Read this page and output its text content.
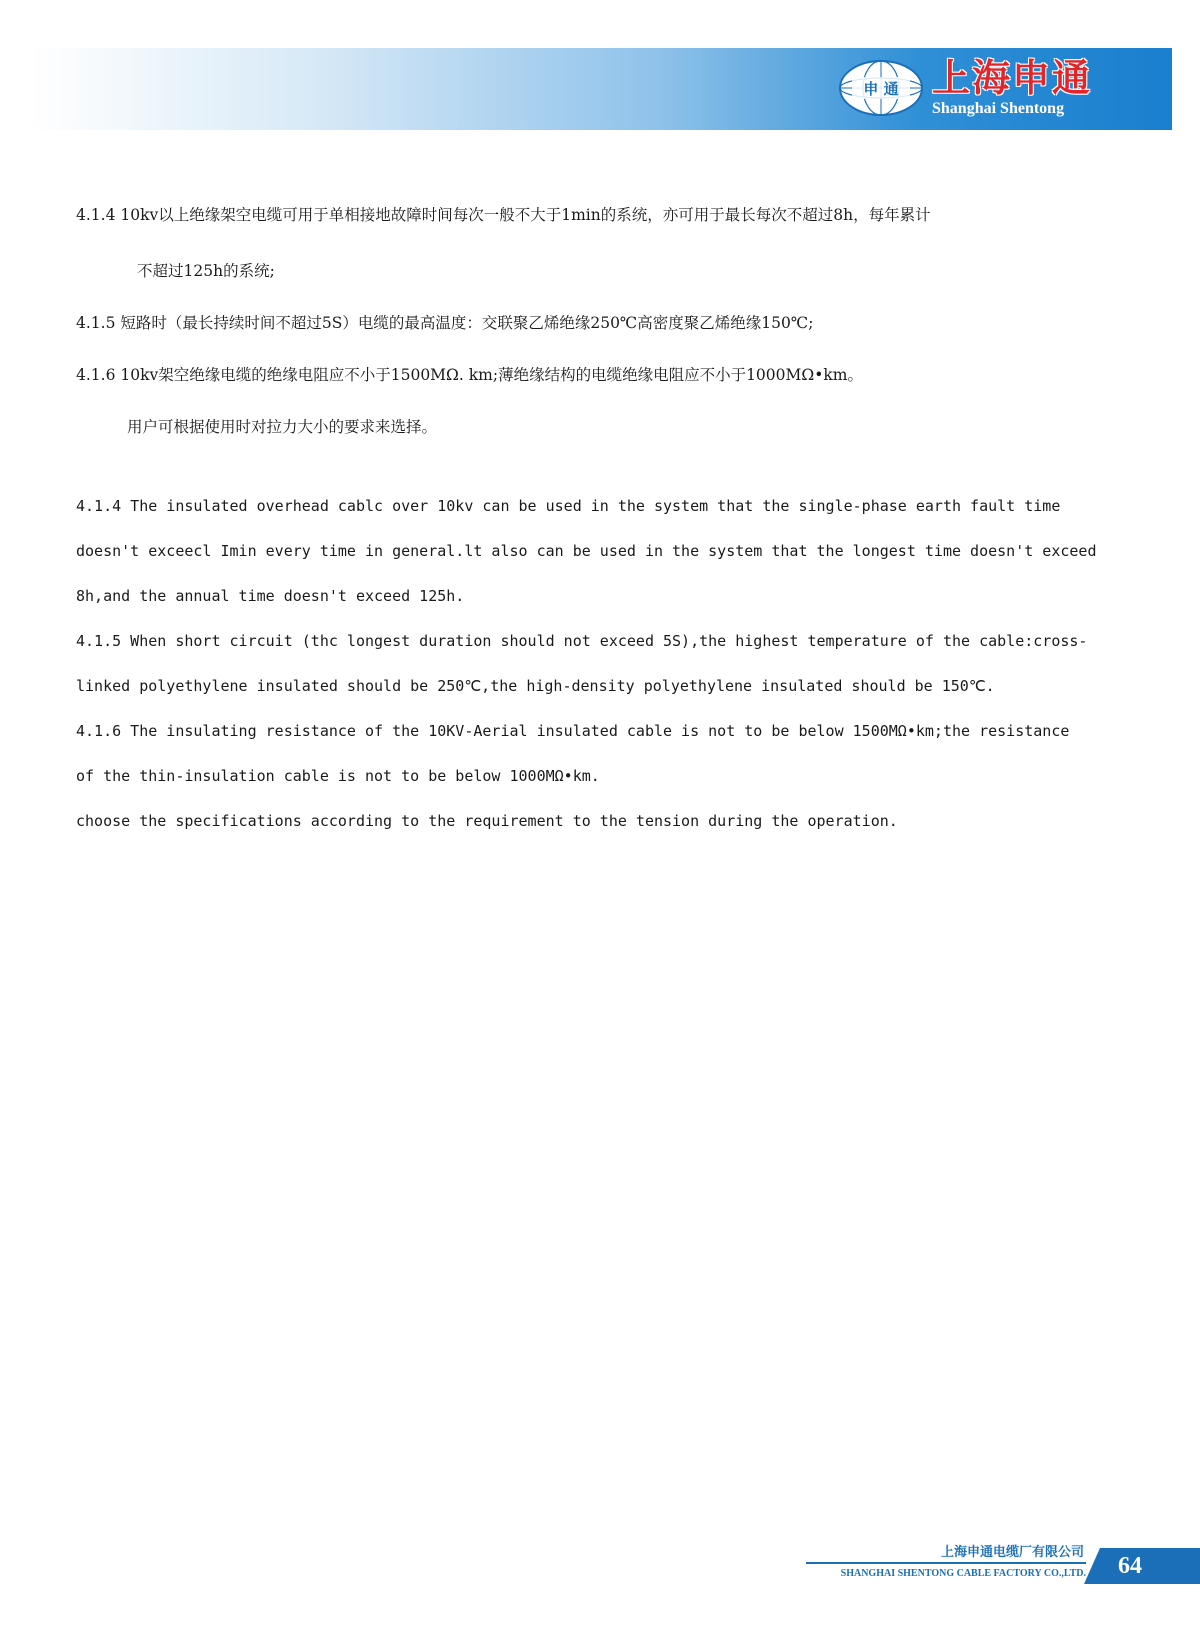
申 通 上海申通
Shanghai Shentong
4.1.4 10kv以上绝缘架空电缆可用于单相接地故障时间每次一般不大于1min的系统，亦可用于最长每次不超过8h，每年累计
不超过125h的系统;
4.1.5 短路时（最长持续时间不超过5S）电缆的最高温度：交联聚乙烯绝缘250℃高密度聚乙烯绝缘150℃;
4.1.6 10kv架空绝缘电缆的绝缘电阻应不小于1500MΩ. km;薄绝缘结构的电缆绝缘电阻应不小于1000MΩ•km。
用户可根据使用时对拉力大小的要求来选择。
4.1.4 The insulated overhead cablc over 10kv can be used in the system that the single-phase earth fault time
doesn't exceecl Imin every time in general.lt also can be used in the system that the longest time doesn't exceed
8h,and the annual time doesn't exceed 125h.
4.1.5 When short circuit (thc longest duration should not exceed 5S),the highest temperature of the cable:cross-
linked polyethylene insulated should be 250℃,the high-density polyethylene insulated should be 150℃.
4.1.6 The insulating resistance of the 10KV-Aerial insulated cable is not to be below 1500MΩ•km;the resistance
of the thin-insulation cable is not to be below 1000MΩ•km.
choose the specifications according to the requirement to the tension during the operation.
上海申通电缆厂有限公司
SHANGHAI SHENTONG CABLE FACTORY CO.,LTD.	64
